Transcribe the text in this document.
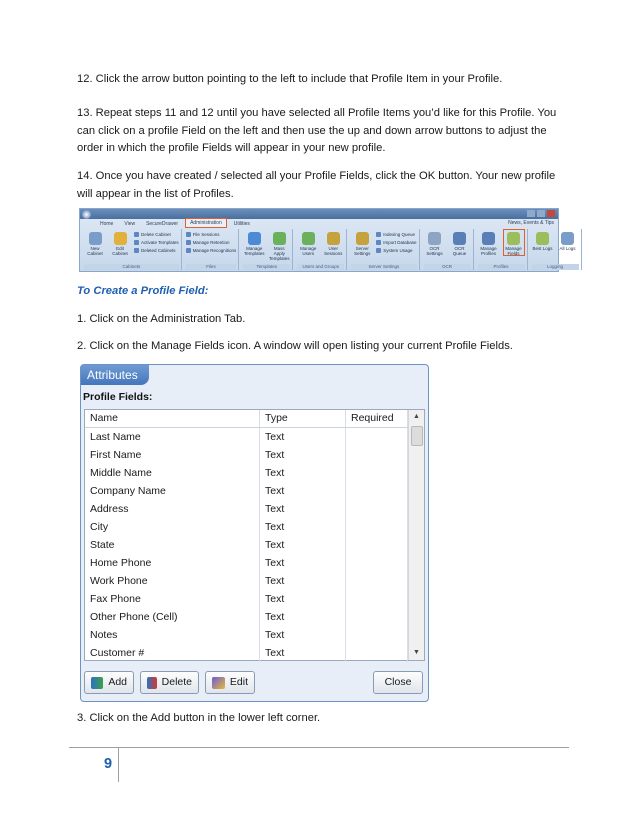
12. Click the arrow button pointing to the left to include that Profile Item in your Profile.

13. Repeat steps 11 and 12 until you have selected all Profile Items you’d like for this Profile. You can click on a profile Field on the left and then use the up and down arrow buttons to adjust the order in which the profile Fields will appear in your new profile.

14. Once you have created / selected all your Profile Fields, click the OK button. Your new profile will appear in the list of Profiles.

Home	View	SecureDrawer	Administration	Utilities	News, Events & Tips
New Cabinet
Edit Cabinet
Delete Cabinet
Activate Templates
Deleted Cabinets
Cabinets
File Sessions
Manage Retention
Manage Recognitions
Files
Manage Templates
Mass Apply Templates
Templates
Manage Users
User Sessions
Users and Groups
Server Settings
Indexing Queue
Import Database
System Usage
Server Settings
OCR Settings
OCR Queue
OCR
Manage Profiles
Manage Fields
Profiles
Best Logs All Logs
Logging

To Create a Profile Field:

1. Click on the Administration Tab.

2. Click on the Manage Fields icon. A window will open listing your current Profile Fields.

Attributes
Profile Fields:
Name	Type	Required
Last Name	Text
First Name	Text
Middle Name	Text
Company Name	Text
Address	Text
City	Text
State	Text
Home Phone	Text
Work Phone	Text
Fax Phone	Text
Other Phone (Cell)	Text
Notes	Text
Customer #	Text
▲
▼
Add	Delete	Edit	Close

3. Click on the Add button in the lower left corner.

9
